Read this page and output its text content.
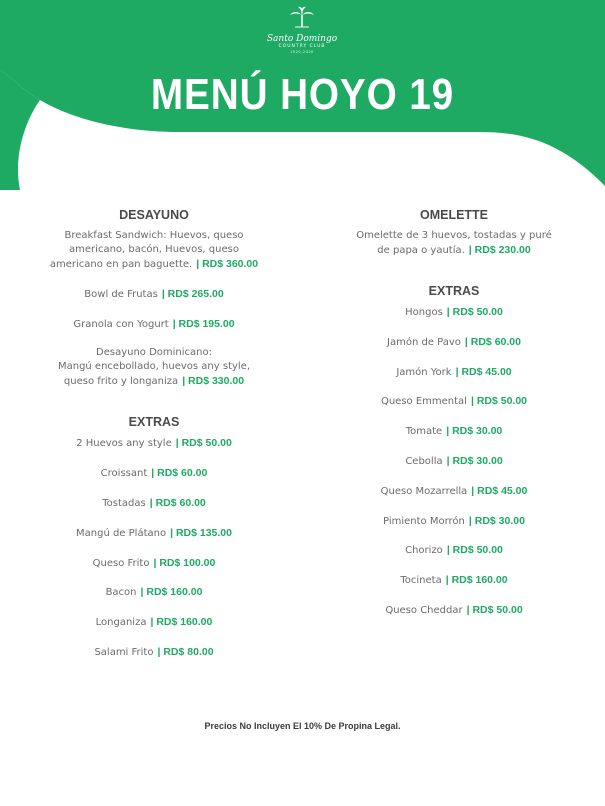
Santo Domingo
COUNTRY CLUB
1920-2020
MENÚ HOYO 19
DESAYUNO
Breakfast Sandwich: Huevos, queso
americano, bacón, Huevos, queso
americano en pan baguette. | RD$ 360.00
Bowl de Frutas | RD$ 265.00
Granola con Yogurt | RD$ 195.00
Desayuno Dominicano:
Mangú encebollado, huevos any style,
queso frito y longaniza | RD$ 330.00
EXTRAS
2 Huevos any style | RD$ 50.00
Croissant | RD$ 60.00
Tostadas | RD$ 60.00
Mangú de Plátano | RD$ 135.00
Queso Frito | RD$ 100.00
Bacon | RD$ 160.00
Longaniza | RD$ 160.00
Salami Frito | RD$ 80.00
OMELETTE
Omelette de 3 huevos, tostadas y puré
de papa o yautía. | RD$ 230.00
EXTRAS
Hongos | RD$ 50.00
Jamón de Pavo | RD$ 60.00
Jamón York | RD$ 45.00
Queso Emmental | RD$ 50.00
Tomate | RD$ 30.00
Cebolla | RD$ 30.00
Queso Mozarrella | RD$ 45.00
Pimiento Morrón | RD$ 30.00
Chorizo | RD$ 50.00
Tocineta | RD$ 160.00
Queso Cheddar | RD$ 50.00
Precios No Incluyen El 10% De Propina Legal.
